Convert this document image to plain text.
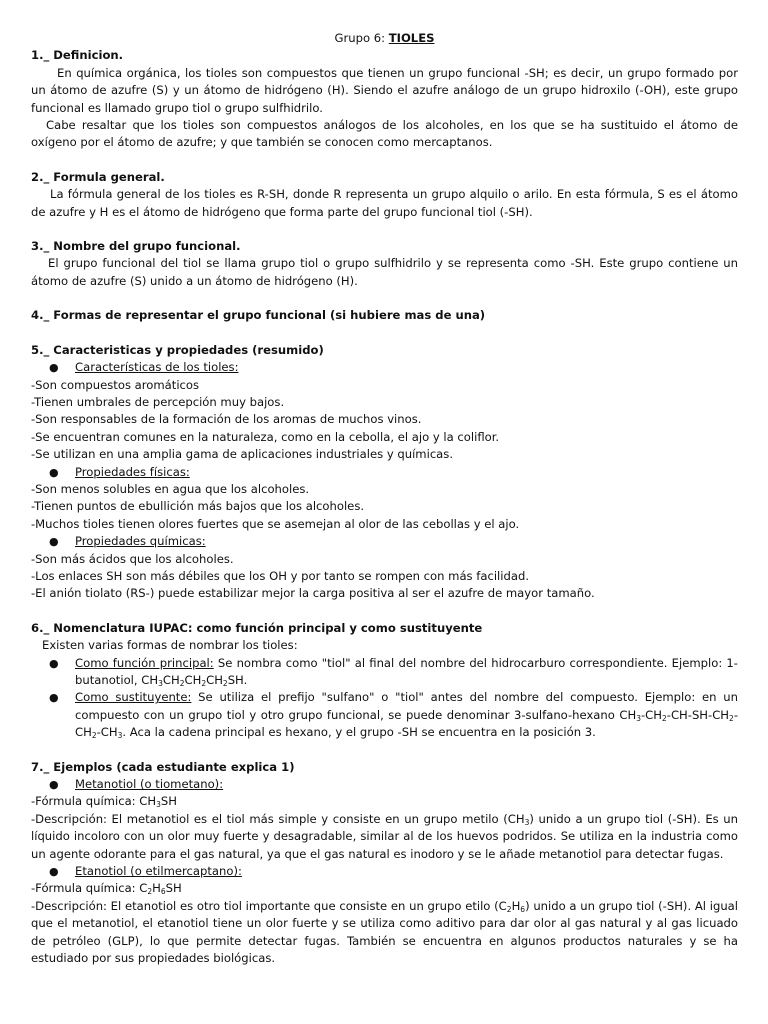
Grupo 6: TIOLES

1._ Definicion.

En química orgánica, los tioles son compuestos que tienen un grupo funcional -SH; es decir, un grupo formado por un átomo de azufre (S) y un átomo de hidrógeno (H). Siendo el azufre análogo de un grupo hidroxilo (-OH), este grupo funcional es llamado grupo tiol o grupo sulfhidrilo.

Cabe resaltar que los tioles son compuestos análogos de los alcoholes, en los que se ha sustituido el átomo de oxígeno por el átomo de azufre; y que también se conocen como mercaptanos.

2._ Formula general.

La fórmula general de los tioles es R-SH, donde R representa un grupo alquilo o arilo. En esta fórmula, S es el átomo de azufre y H es el átomo de hidrógeno que forma parte del grupo funcional tiol (-SH).

3._ Nombre del grupo funcional.

El grupo funcional del tiol se llama grupo tiol o grupo sulfhidrilo y se representa como -SH. Este grupo contiene un átomo de azufre (S) unido a un átomo de hidrógeno (H).

4._ Formas de representar el grupo funcional (si hubiere mas de una)

5._ Caracteristicas y propiedades (resumido)

● Características de los tioles:

-Son compuestos aromáticos

-Tienen umbrales de percepción muy bajos.

-Son responsables de la formación de los aromas de muchos vinos.

-Se encuentran comunes en la naturaleza, como en la cebolla, el ajo y la coliflor.

-Se utilizan en una amplia gama de aplicaciones industriales y químicas.

● Propiedades físicas:

-Son menos solubles en agua que los alcoholes.

-Tienen puntos de ebullición más bajos que los alcoholes.

-Muchos tioles tienen olores fuertes que se asemejan al olor de las cebollas y el ajo.

● Propiedades químicas:

-Son más ácidos que los alcoholes.

-Los enlaces SH son más débiles que los OH y por tanto se rompen con más facilidad.

-El anión tiolato (RS-) puede estabilizar mejor la carga positiva al ser el azufre de mayor tamaño.

6._ Nomenclatura IUPAC: como función principal y como sustituyente

Existen varias formas de nombrar los tioles:

● Como función principal: Se nombra como "tiol" al final del nombre del hidrocarburo correspondiente. Ejemplo: 1-butanotiol, $CH_3CH_2CH_2CH_2SH$.
● Como sustituyente: Se utiliza el prefijo "sulfano" o "tiol" antes del nombre del compuesto. Ejemplo: en un compuesto con un grupo tiol y otro grupo funcional, se puede denominar 3-sulfano-hexano $CH_3-CH_2-CH-SH-CH_2-CH_2-CH_3$. Aca la cadena principal es hexano, y el grupo -SH se encuentra en la posición 3.

7._ Ejemplos (cada estudiante explica 1)

● Metanotiol (o tiometano):

-Fórmula química: $CH_3SH$

-Descripción: El metanotiol es el tiol más simple y consiste en un grupo metilo $(CH_3)$ unido a un grupo tiol (-SH). Es un líquido incoloro con un olor muy fuerte y desagradable, similar al de los huevos podridos. Se utiliza en la industria como un agente odorante para el gas natural, ya que el gas natural es inodoro y se le añade metanotiol para detectar fugas.

● Etanotiol (o etilmercaptano):

-Fórmula química: $C_2H_6SH$

-Descripción: El etanotiol es otro tiol importante que consiste en un grupo etilo $(C_2H_6)$ unido a un grupo tiol (-SH). Al igual que el metanotiol, el etanotiol tiene un olor fuerte y se utiliza como aditivo para dar olor al gas natural y al gas licuado de petróleo (GLP), lo que permite detectar fugas. También se encuentra en algunos productos naturales y se ha estudiado por sus propiedades biológicas.
